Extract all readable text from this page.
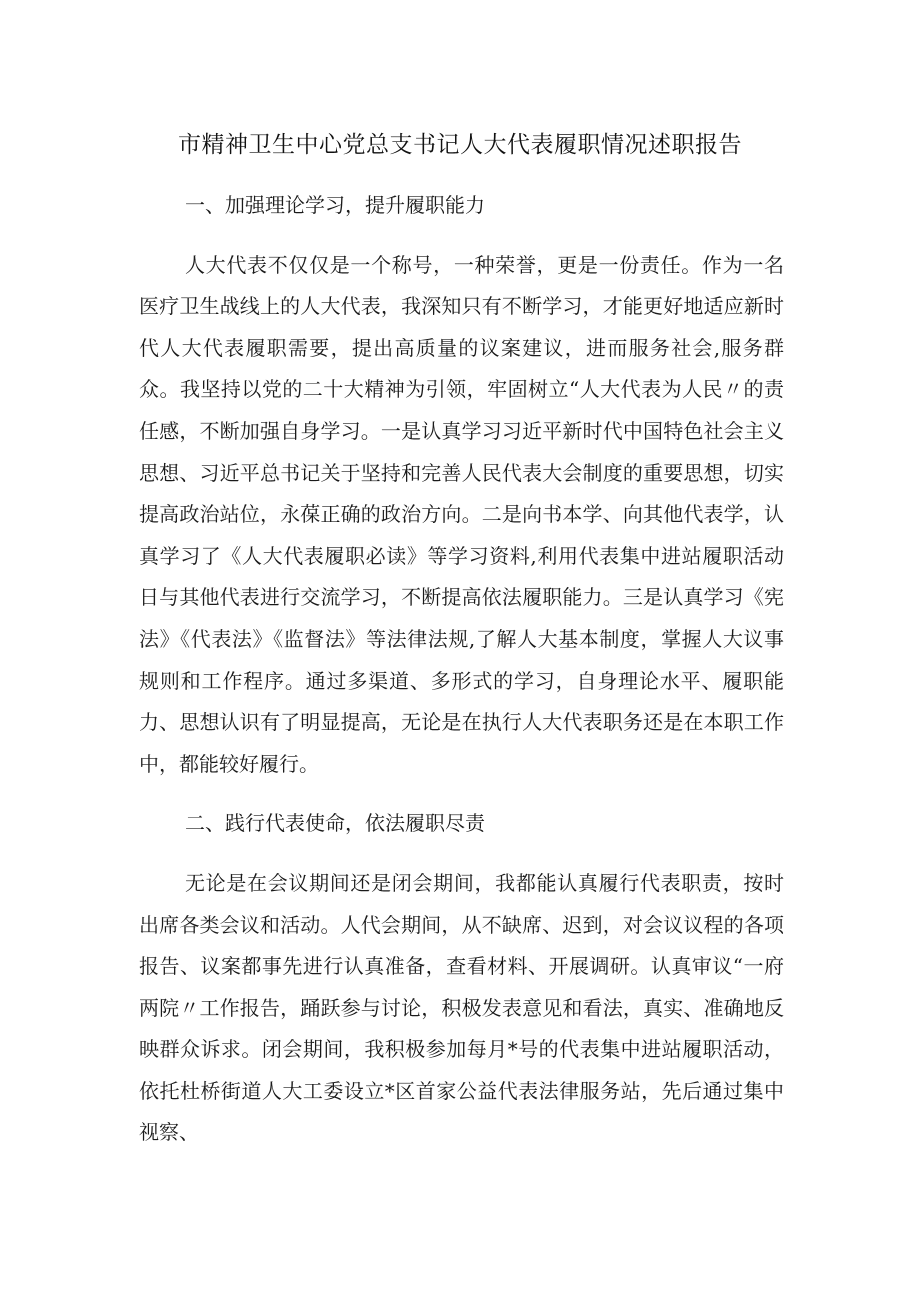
市精神卫生中心党总支书记人大代表履职情况述职报告

一、加强理论学习，提升履职能力

人大代表不仅仅是一个称号，一种荣誉，更是一份责任。作为一名医疗卫生战线上的人大代表，我深知只有不断学习，才能更好地适应新时代人大代表履职需要，提出高质量的议案建议，进而服务社会,服务群众。我坚持以党的二十大精神为引领，牢固树立“人大代表为人民〃的责任感，不断加强自身学习。一是认真学习习近平新时代中国特色社会主义思想、习近平总书记关于坚持和完善人民代表大会制度的重要思想，切实提高政治站位，永葆正确的政治方向。二是向书本学、向其他代表学，认真学习了《人大代表履职必读》等学习资料,利用代表集中进站履职活动日与其他代表进行交流学习，不断提高依法履职能力。三是认真学习《宪法》《代表法》《监督法》等法律法规,了解人大基本制度，掌握人大议事规则和工作程序。通过多渠道、多形式的学习，自身理论水平、履职能力、思想认识有了明显提高，无论是在执行人大代表职务还是在本职工作中，都能较好履行。

二、践行代表使命，依法履职尽责

无论是在会议期间还是闭会期间，我都能认真履行代表职责，按时出席各类会议和活动。人代会期间，从不缺席、迟到，对会议议程的各项报告、议案都事先进行认真准备，查看材料、开展调研。认真审议“一府两院〃工作报告，踊跃参与讨论，积极发表意见和看法，真实、准确地反映群众诉求。闭会期间，我积极参加每月*号的代表集中进站履职活动，依托杜桥街道人大工委设立*区首家公益代表法律服务站，先后通过集中视察、
